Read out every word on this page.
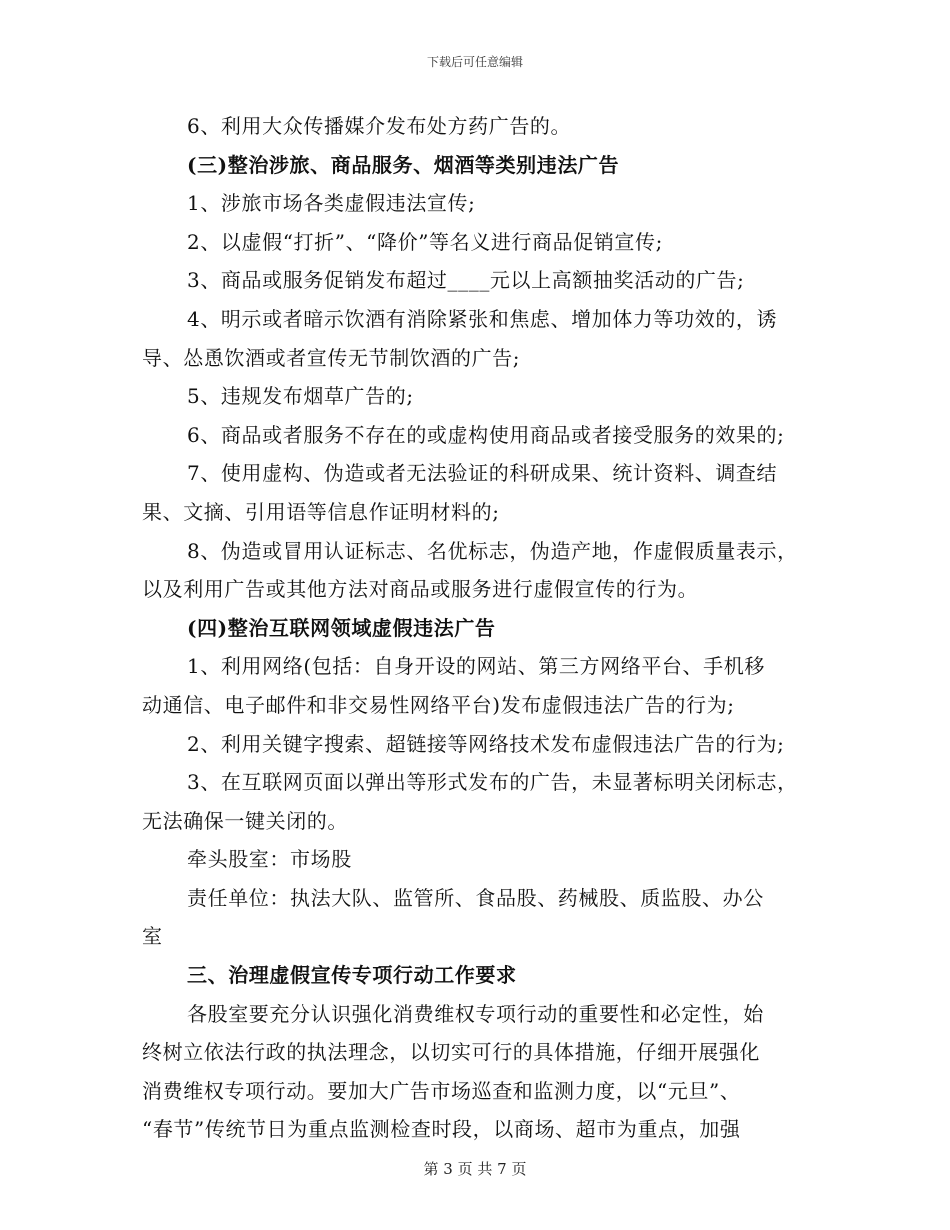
下载后可任意编辑
6、利用大众传播媒介发布处方药广告的。
(三)整治涉旅、商品服务、烟酒等类别违法广告
1、涉旅市场各类虚假违法宣传;
2、以虚假“打折”、“降价”等名义进行商品促销宣传;
3、商品或服务促销发布超过____元以上高额抽奖活动的广告;
4、明示或者暗示饮酒有消除紧张和焦虑、增加体力等功效的，诱
导、怂恿饮酒或者宣传无节制饮酒的广告;
5、违规发布烟草广告的;
6、商品或者服务不存在的或虚构使用商品或者接受服务的效果的;
7、使用虚构、伪造或者无法验证的科研成果、统计资料、调查结
果、文摘、引用语等信息作证明材料的;
8、伪造或冒用认证标志、名优标志，伪造产地，作虚假质量表示，
以及利用广告或其他方法对商品或服务进行虚假宣传的行为。
(四)整治互联网领域虚假违法广告
1、利用网络(包括：自身开设的网站、第三方网络平台、手机移
动通信、电子邮件和非交易性网络平台)发布虚假违法广告的行为;
2、利用关键字搜索、超链接等网络技术发布虚假违法广告的行为;
3、在互联网页面以弹出等形式发布的广告，未显著标明关闭标志，
无法确保一键关闭的。
牵头股室：市场股
责任单位：执法大队、监管所、食品股、药械股、质监股、办公
室
三、治理虚假宣传专项行动工作要求
各股室要充分认识强化消费维权专项行动的重要性和必定性，始
终树立依法行政的执法理念，以切实可行的具体措施，仔细开展强化
消费维权专项行动。要加大广告市场巡查和监测力度，以“元旦”、
“春节”传统节日为重点监测检查时段，以商场、超市为重点，加强
第 3 页 共 7 页
